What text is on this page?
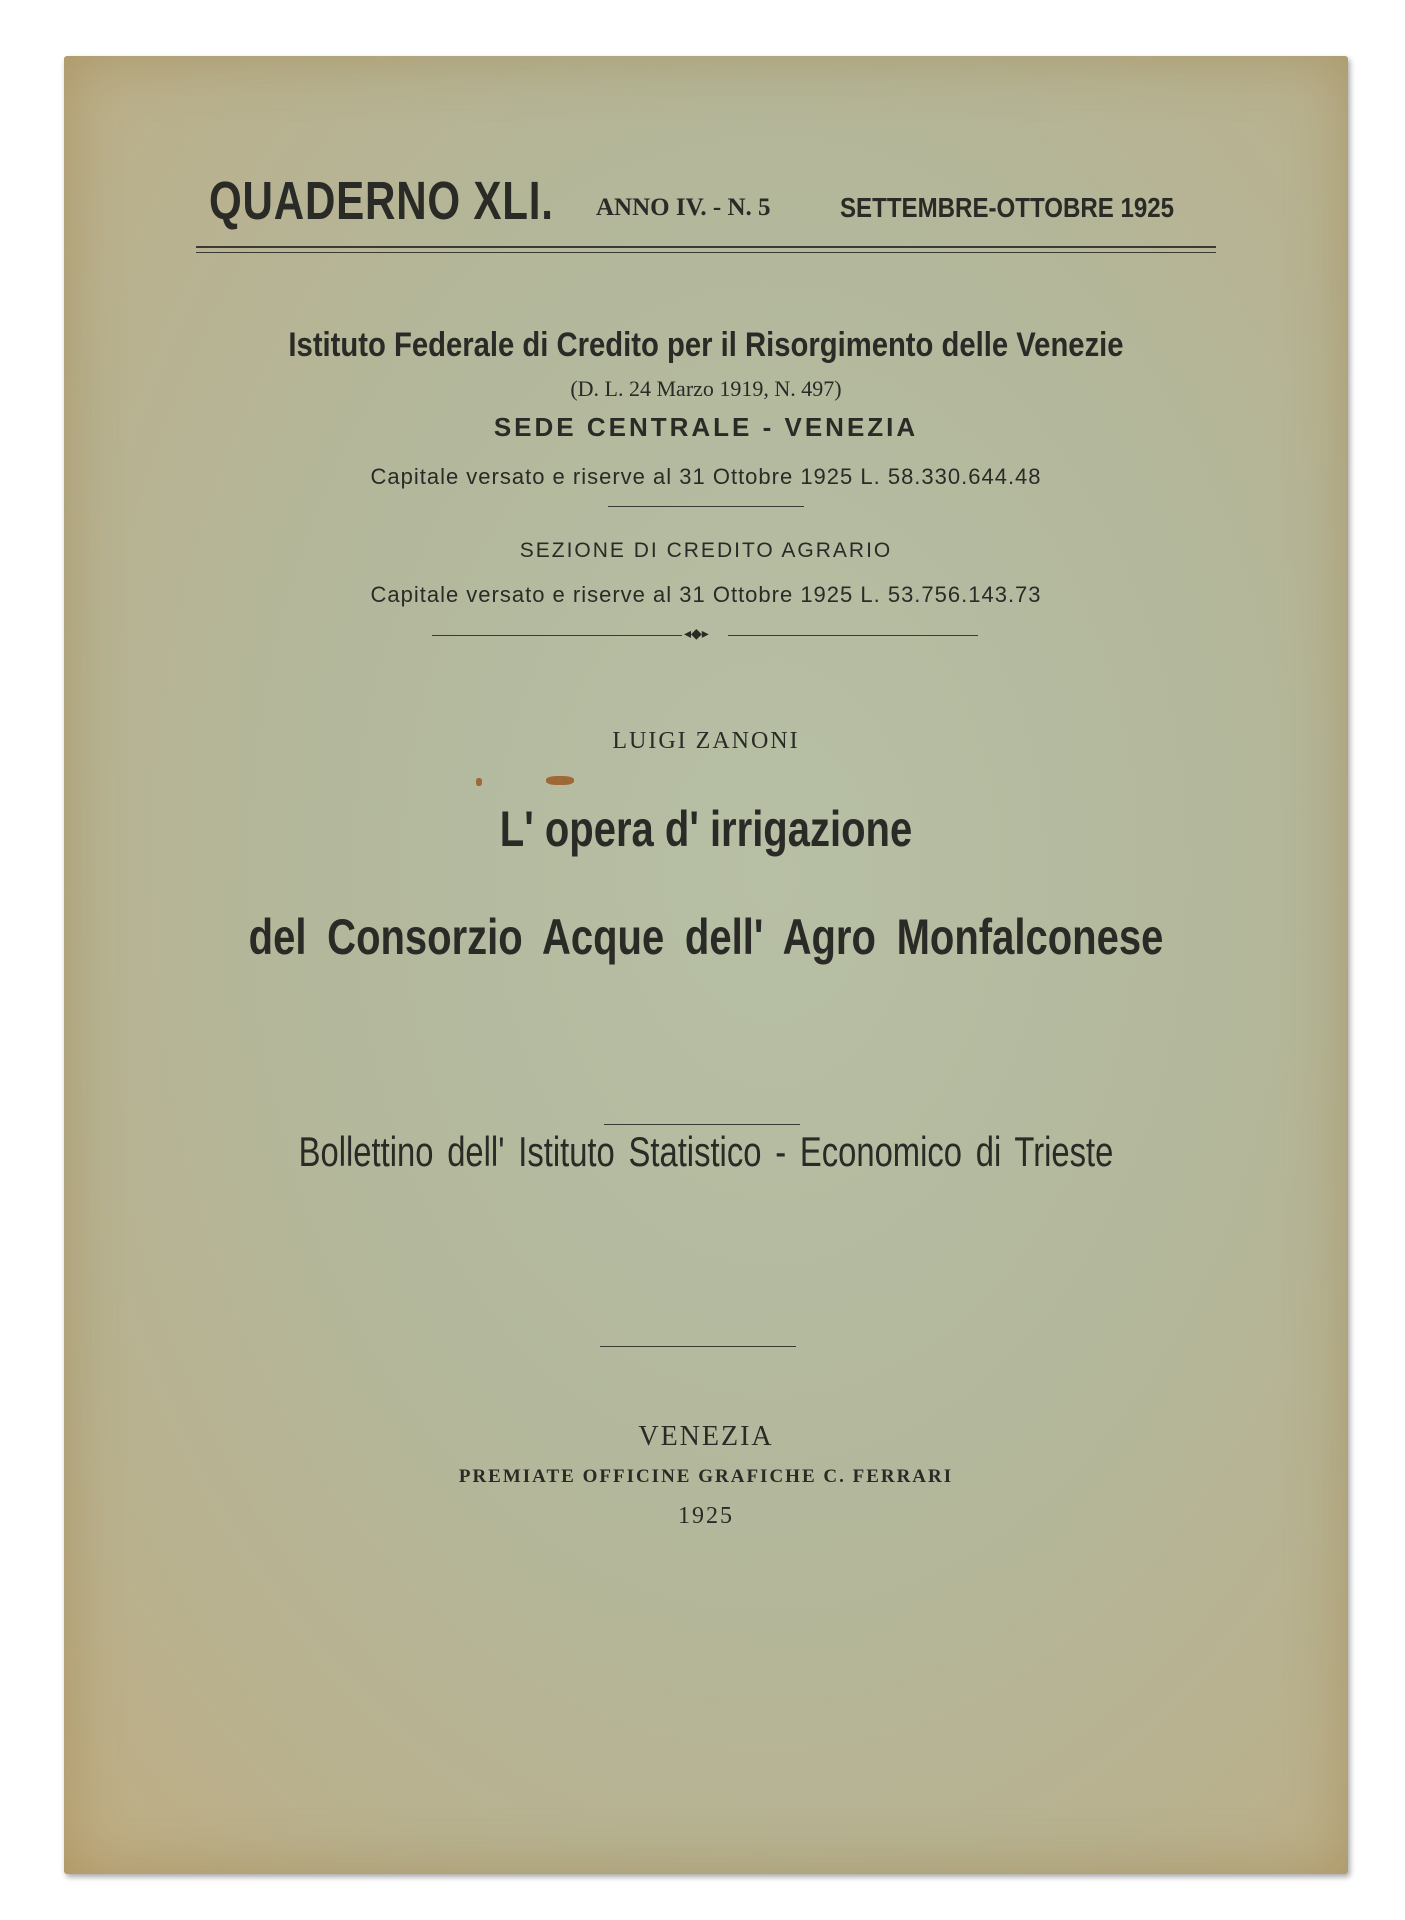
QUADERNO XLI. ANNO IV. - N. 5 SETTEMBRE-OTTOBRE 1925
Istituto Federale di Credito per il Risorgimento delle Venezie
(D. L. 24 Marzo 1919, N. 497)
SEDE CENTRALE - VENEZIA
Capitale versato e riserve al 31 Ottobre 1925 L. 58.330.644.48
SEZIONE DI CREDITO AGRARIO
Capitale versato e riserve al 31 Ottobre 1925 L. 53.756.143.73
◂◆▸
LUIGI ZANONI
L' opera d' irrigazione
del Consorzio Acque dell' Agro Monfalconese
Bollettino dell' Istituto Statistico - Economico di Trieste
VENEZIA
PREMIATE OFFICINE GRAFICHE C. FERRARI
1925
